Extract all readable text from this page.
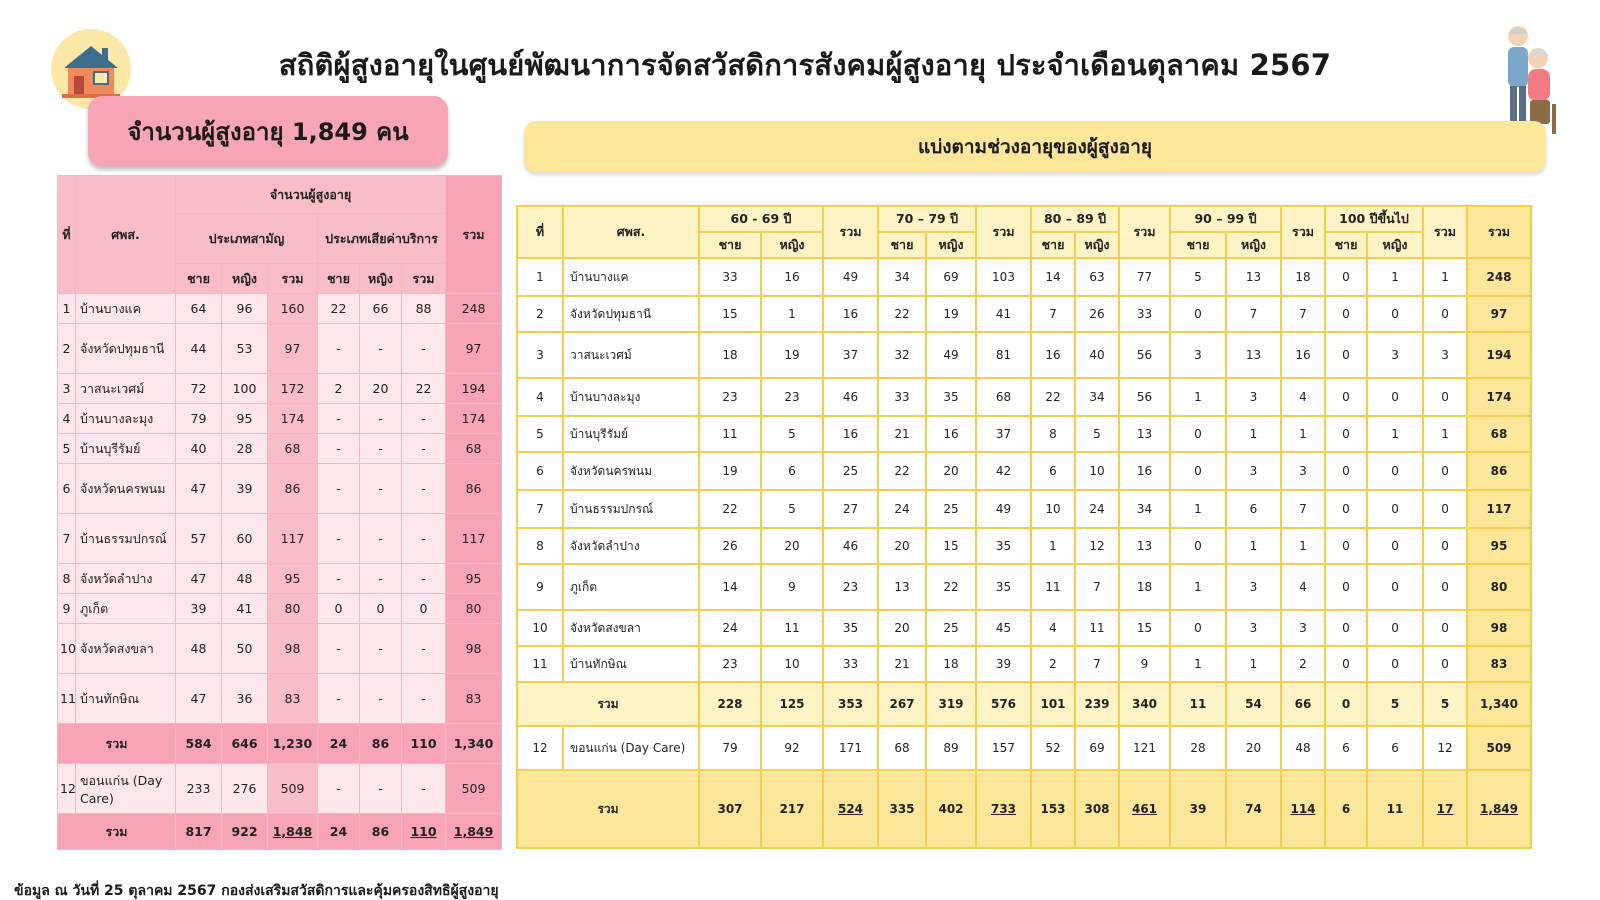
สถิติผู้สูงอายุในศูนย์พัฒนาการจัดสวัสดิการสังคมผู้สูงอายุ ประจำเดือนตุลาคม 2567
จำนวนผู้สูงอายุ 1,849 คน
แบ่งตามช่วงอายุของผู้สูงอายุ
ที่	ศพส.	จำนวนผู้สูงอายุ						รวม
		ประเภทสามัญ			ประเภทเสียค่าบริการ			
		ชาย	หญิง	รวม	ชาย	หญิง	รวม	
1	บ้านบางแค	64	96	160	22	66	88	248
2	จังหวัดปทุมธานี	44	53	97	-	-	-	97
3	วาสนะเวศม์	72	100	172	2	20	22	194
4	บ้านบางละมุง	79	95	174	-	-	-	174
5	บ้านบุรีรัมย์	40	28	68	-	-	-	68
6	จังหวัดนครพนม	47	39	86	-	-	-	86
7	บ้านธรรมปกรณ์	57	60	117	-	-	-	117
8	จังหวัดลำปาง	47	48	95	-	-	-	95
9	ภูเก็ต	39	41	80	0	0	0	80
10	จังหวัดสงขลา	48	50	98	-	-	-	98
11	บ้านทักษิณ	47	36	83	-	-	-	83
รวม		584	646	1,230	24	86	110	1,340
12	ขอนแก่น (Day Care)	233	276	509	-	-	-	509
รวม		817	922	1,848	24	86	110	1,849
ที่	ศพส.	60 - 69 ปี		รวม	70 – 79 ปี		รวม	80 – 89 ปี		รวม	90 – 99 ปี		รวม	100 ปีขึ้นไป		รวม	รวม
		ชาย	หญิง		ชาย	หญิง		ชาย	หญิง		ชาย	หญิง		ชาย	หญิง		
1	บ้านบางแค	33	16	49	34	69	103	14	63	77	5	13	18	0	1	1	248
2	จังหวัดปทุมธานี	15	1	16	22	19	41	7	26	33	0	7	7	0	0	0	97
3	วาสนะเวศม์	18	19	37	32	49	81	16	40	56	3	13	16	0	3	3	194
4	บ้านบางละมุง	23	23	46	33	35	68	22	34	56	1	3	4	0	0	0	174
5	บ้านบุรีรัมย์	11	5	16	21	16	37	8	5	13	0	1	1	0	1	1	68
6	จังหวัดนครพนม	19	6	25	22	20	42	6	10	16	0	3	3	0	0	0	86
7	บ้านธรรมปกรณ์	22	5	27	24	25	49	10	24	34	1	6	7	0	0	0	117
8	จังหวัดลำปาง	26	20	46	20	15	35	1	12	13	0	1	1	0	0	0	95
9	ภูเก็ต	14	9	23	13	22	35	11	7	18	1	3	4	0	0	0	80
10	จังหวัดสงขลา	24	11	35	20	25	45	4	11	15	0	3	3	0	0	0	98
11	บ้านทักษิณ	23	10	33	21	18	39	2	7	9	1	1	2	0	0	0	83
รวม		228	125	353	267	319	576	101	239	340	11	54	66	0	5	5	1,340
12	ขอนแก่น (Day Care)	79	92	171	68	89	157	52	69	121	28	20	48	6	6	12	509
รวม		307	217	524	335	402	733	153	308	461	39	74	114	6	11	17	1,849
ข้อมูล ณ วันที่ 25 ตุลาคม 2567 กองส่งเสริมสวัสดิการและคุ้มครองสิทธิผู้สูงอายุ
